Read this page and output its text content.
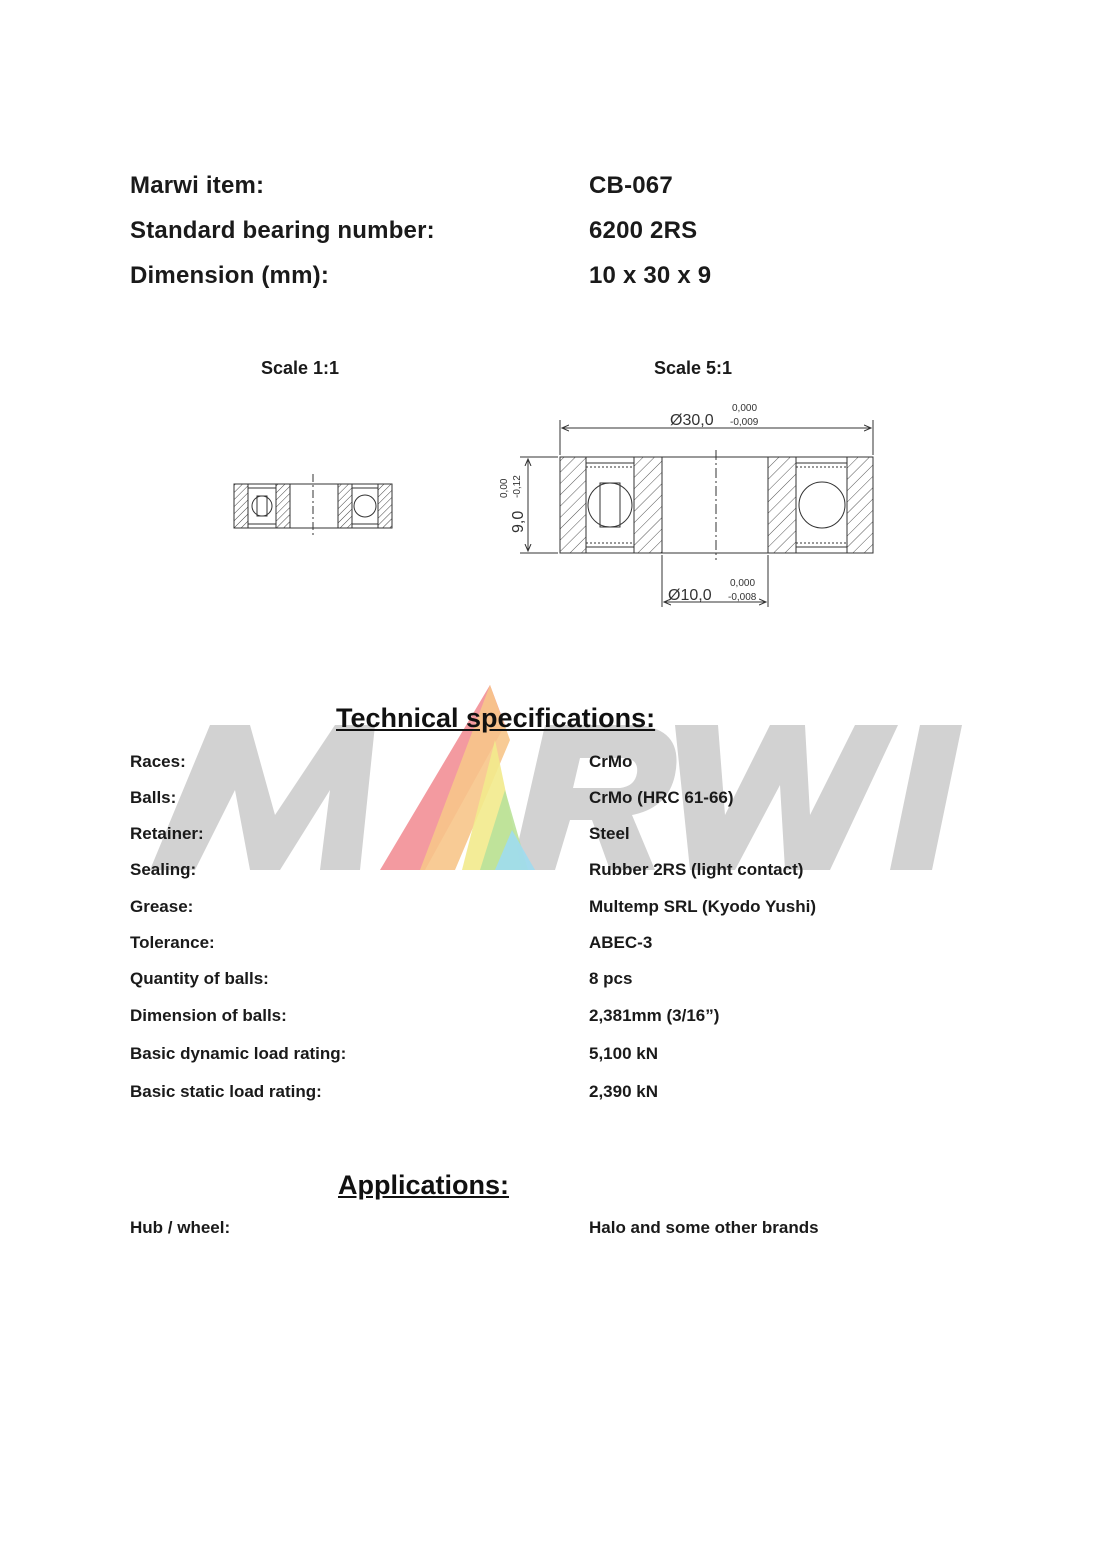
Marwi item:	CB-067
Standard bearing number:	6200 2RS
Dimension (mm):	10 x 30 x 9
Scale 1:1	Scale 5:1
Ø30,0
0,000
-0,009
Ø10,0
0,000
-0,008
9,0
0,00 -0,12
Technical specifications:
Races:	CrMo
Balls:	CrMo (HRC 61-66)
Retainer:	Steel
Sealing:	Rubber 2RS (light contact)
Grease:	Multemp SRL (Kyodo Yushi)
Tolerance:	ABEC-3
Quantity of balls:	8 pcs
Dimension of balls:	2,381mm (3/16”)
Basic dynamic load rating:	5,100 kN
Basic static load rating:	2,390 kN
Applications:
Hub / wheel:	Halo and some other brands
